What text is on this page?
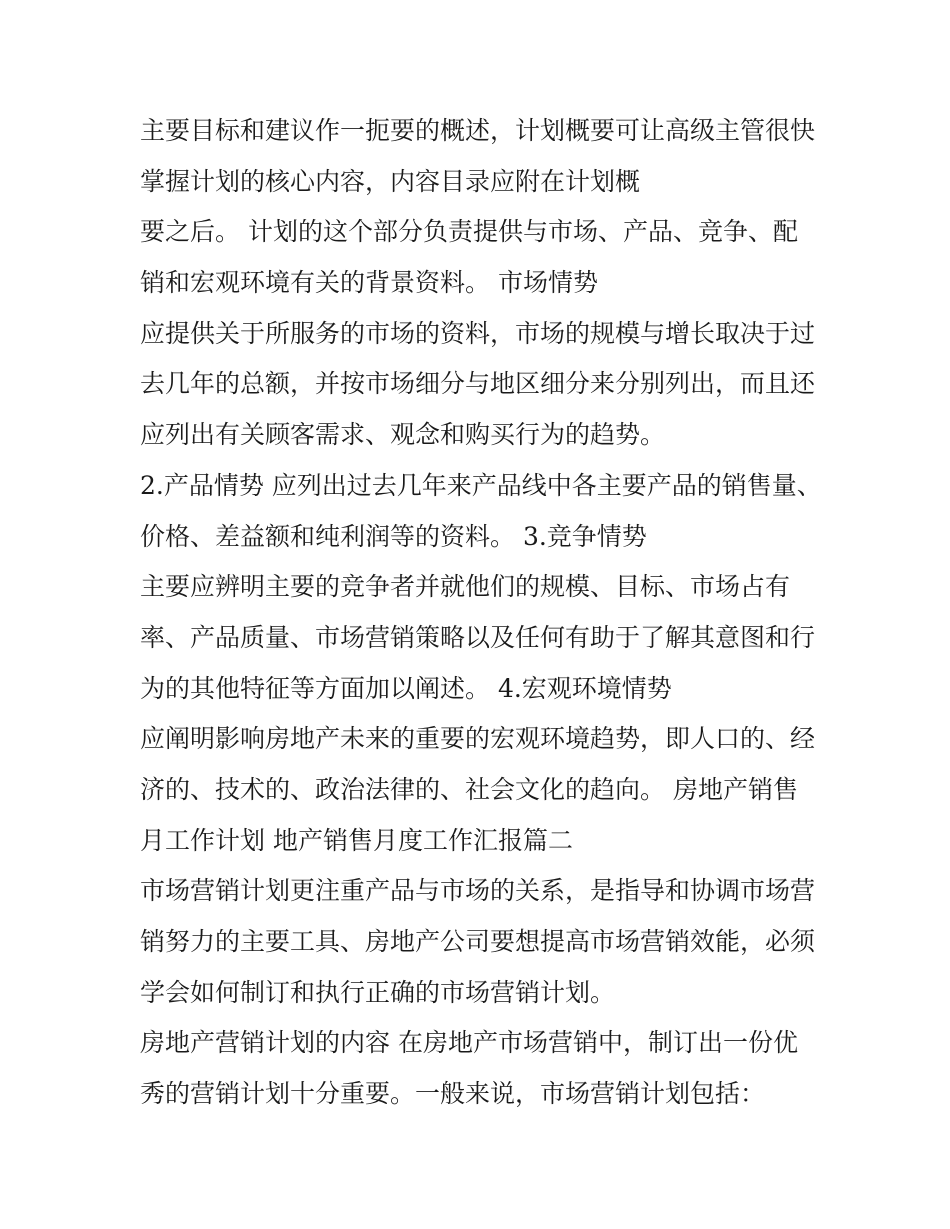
主要目标和建议作一扼要的概述，计划概要可让高级主管很快
掌握计划的核心内容，内容目录应附在计划概
要之后。 计划的这个部分负责提供与市场、产品、竞争、配
销和宏观环境有关的背景资料。 市场情势
应提供关于所服务的市场的资料，市场的规模与增长取决于过
去几年的总额，并按市场细分与地区细分来分别列出，而且还
应列出有关顾客需求、观念和购买行为的趋势。
2.产品情势 应列出过去几年来产品线中各主要产品的销售量、
价格、差益额和纯利润等的资料。 3.竞争情势
主要应辨明主要的竞争者并就他们的规模、目标、市场占有
率、产品质量、市场营销策略以及任何有助于了解其意图和行
为的其他特征等方面加以阐述。 4.宏观环境情势
应阐明影响房地产未来的重要的宏观环境趋势，即人口的、经
济的、技术的、政治法律的、社会文化的趋向。 房地产销售
月工作计划 地产销售月度工作汇报篇二
市场营销计划更注重产品与市场的关系，是指导和协调市场营
销努力的主要工具、房地产公司要想提高市场营销效能，必须
学会如何制订和执行正确的市场营销计划。
房地产营销计划的内容 在房地产市场营销中，制订出一份优
秀的营销计划十分重要。一般来说，市场营销计划包括：
